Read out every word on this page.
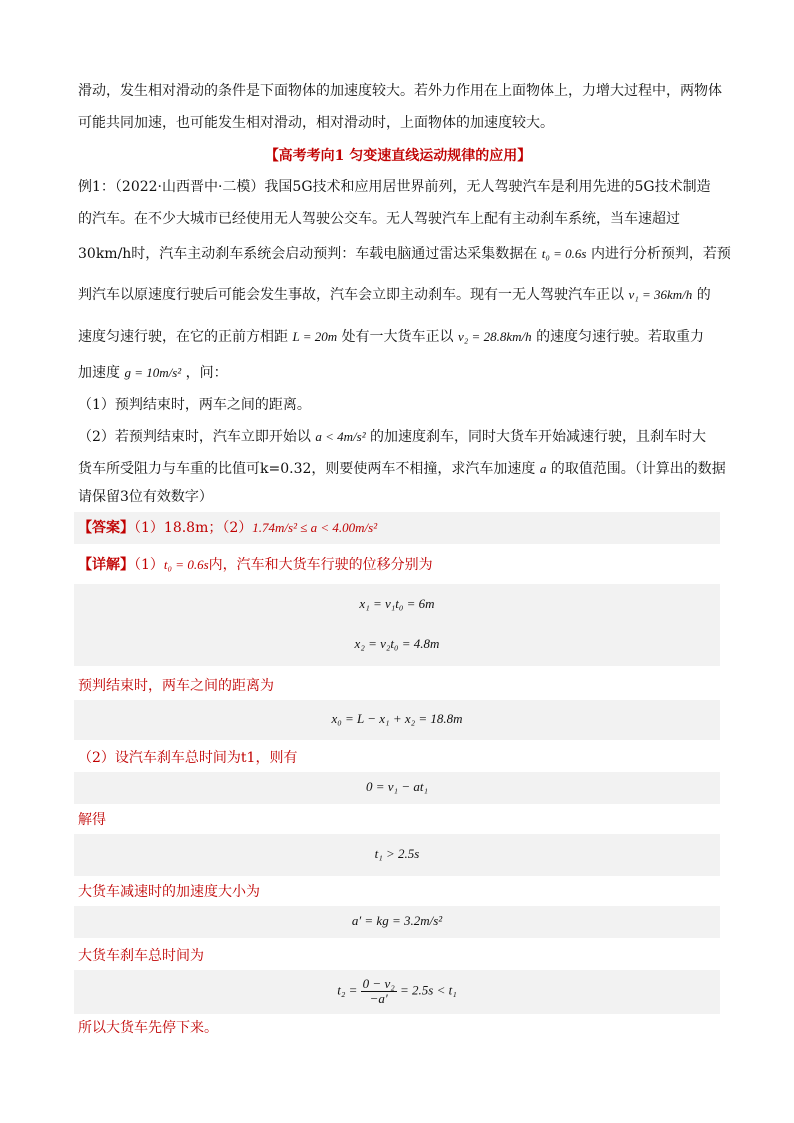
滑动，发生相对滑动的条件是下面物体的加速度较大。若外力作用在上面物体上，力增大过程中，两物体
可能共同加速，也可能发生相对滑动，相对滑动时，上面物体的加速度较大。
【高考考向1 匀变速直线运动规律的应用】
例1：（2022·山西晋中·二模）我国5G技术和应用居世界前列，无人驾驶汽车是利用先进的5G技术制造
的汽车。在不少大城市已经使用无人驾驶公交车。无人驾驶汽车上配有主动刹车系统，当车速超过
30km/h时，汽车主动刹车系统会启动预判：车载电脑通过雷达采集数据在 t₀ = 0.6s 内进行分析预判，若预
判汽车以原速度行驶后可能会发生事故，汽车会立即主动刹车。现有一无人驾驶汽车正以 v₁ = 36km/h 的
速度匀速行驶，在它的正前方相距 L = 20m 处有一大货车正以 v₂ = 28.8km/h 的速度匀速行驶。若取重力
加速度 g = 10m/s² ，问：
（1）预判结束时，两车之间的距离。
（2）若预判结束时，汽车立即开始以 a < 4m/s² 的加速度刹车，同时大货车开始减速行驶，且刹车时大
货车所受阻力与车重的比值可k=0.32，则要使两车不相撞，求汽车加速度 a 的取值范围。（计算出的数据
请保留3位有效数字）
【答案】（1）18.8m；（2）1.74m/s² ≤ a < 4.00m/s²
【详解】（1）t₀ = 0.6s内，汽车和大货车行驶的位移分别为
x₁ = v₁t₀ = 6m
x₂ = v₂t₀ = 4.8m
预判结束时，两车之间的距离为
x₀ = L − x₁ + x₂ = 18.8m
（2）设汽车刹车总时间为t1，则有
0 = v₁ − at₁
解得
t₁ > 2.5s
大货车减速时的加速度大小为
a′ = kg = 3.2m/s²
大货车刹车总时间为
$t_2 = \frac{\text{0 − v₂}}{-a'} = 2.5s < t_1$
所以大货车先停下来。
